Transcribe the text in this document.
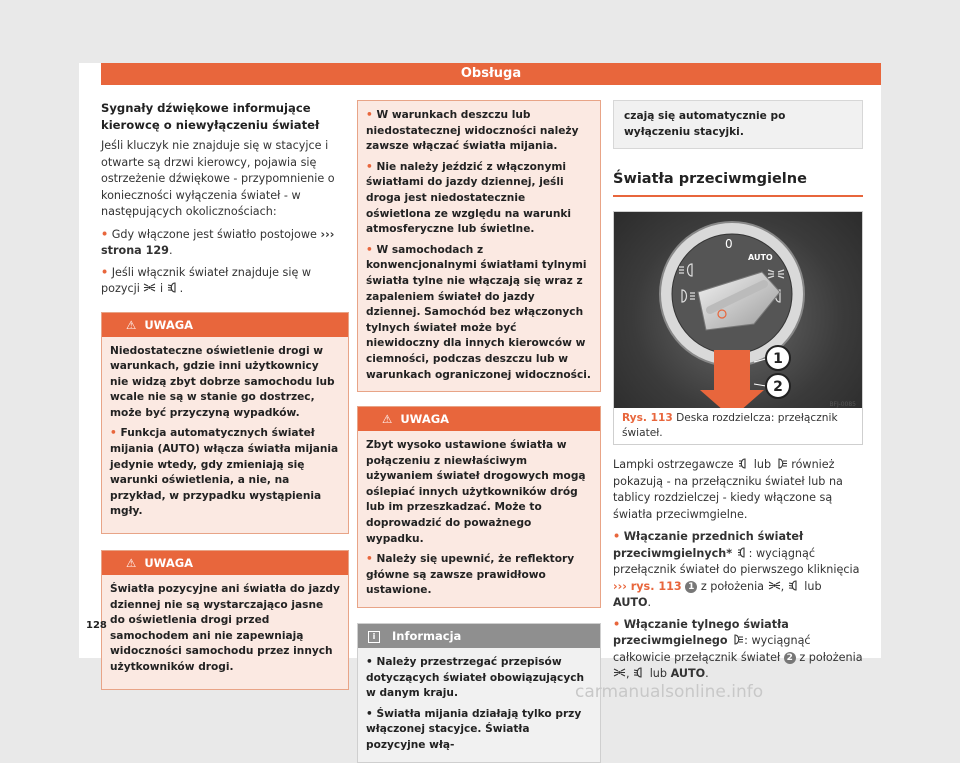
Obsługa
Sygnały dźwiękowe informujące kierowcę o niewyłączeniu świateł
Jeśli kluczyk nie znajduje się w stacyjce i otwarte są drzwi kierowcy, pojawia się ostrzeżenie dźwiękowe - przypomnienie o konieczności wyłączenia świateł - w następujących okolicznościach:
• Gdy włączone jest światło postojowe ››› strona 129.
• Jeśli włącznik świateł znajduje się w pozycji i .
⚠ UWAGA
Niedostateczne oświetlenie drogi w warunkach, gdzie inni użytkownicy nie widzą zbyt dobrze samochodu lub wcale nie są w stanie go dostrzec, może być przyczyną wypadków.
• Funkcja automatycznych świateł mijania (AUTO) włącza światła mijania jedynie wtedy, gdy zmieniają się warunki oświetlenia, a nie, na przykład, w przypadku wystąpienia mgły.
⚠ UWAGA
Światła pozycyjne ani światła do jazdy dziennej nie są wystarczająco jasne do oświetlenia drogi przed samochodem ani nie zapewniają widoczności samochodu przez innych użytkowników drogi.
• W warunkach deszczu lub niedostatecznej widoczności należy zawsze włączać światła mijania.
• Nie należy jeździć z włączonymi światłami do jazdy dziennej, jeśli droga jest niedostatecznie oświetlona ze względu na warunki atmosferyczne lub świetlne.
• W samochodach z konwencjonalnymi światłami tylnymi światła tylne nie włączają się wraz z zapaleniem świateł do jazdy dziennej. Samochód bez włączonych tylnych świateł może być niewidoczny dla innych kierowców w ciemności, podczas deszczu lub w warunkach ograniczonej widoczności.
⚠ UWAGA
Zbyt wysoko ustawione światła w połączeniu z niewłaściwym używaniem świateł drogowych mogą oślepiać innych użytkowników dróg lub im przeszkadzać. Może to doprowadzić do poważnego wypadku.
• Należy się upewnić, że reflektory główne są zawsze prawidłowo ustawione.
i Informacja
• Należy przestrzegać przepisów dotyczących świateł obowiązujących w danym kraju.
• Światła mijania działają tylko przy włączonej stacyjce. Światła pozycyjne włą-
czają się automatycznie po wyłączeniu stacyjki.
Światła przeciwmgielne
0
AUTO
1
2
BFJ-0085
Rys. 113 Deska rozdzielcza: przełącznik świateł.
Lampki ostrzegawcze lub również pokazują - na przełączniku świateł lub na tablicy rozdzielczej - kiedy włączone są światła przeciwmgielne.
• Włączanie przednich świateł przeciwmgielnych* : wyciągnąć przełącznik świateł do pierwszego kliknięcia ››› rys. 113 1 z położenia , lub AUTO.
• Włączanie tylnego światła przeciwmgielnego : wyciągnąć całkowicie przełącznik świateł 2 z położenia
, lub AUTO.
128
carmanualsonline.info
